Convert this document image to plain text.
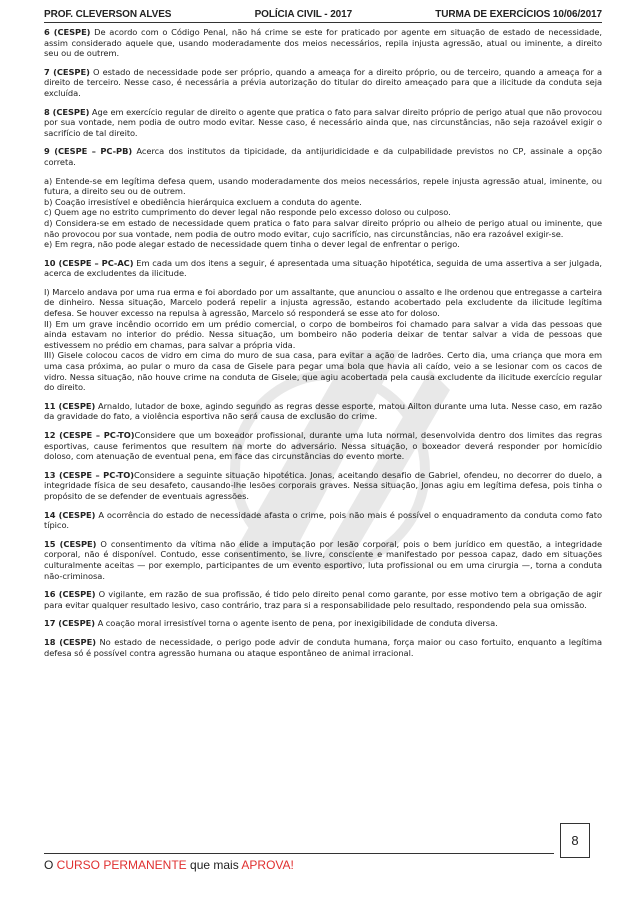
PROF. CLEVERSON ALVES	POLÍCIA CIVIL - 2017	TURMA DE EXERCÍCIOS 10/06/2017

6 (CESPE) De acordo com o Código Penal, não há crime se este for praticado por agente em situação de estado de necessidade, assim considerado aquele que, usando moderadamente dos meios necessários, repila injusta agressão, atual ou iminente, a direito seu ou de outrem.

7 (CESPE) O estado de necessidade pode ser próprio, quando a ameaça for a direito próprio, ou de terceiro, quando a ameaça for a direito de terceiro. Nesse caso, é necessária a prévia autorização do titular do direito ameaçado para que a ilicitude da conduta seja excluída.

8 (CESPE) Age em exercício regular de direito o agente que pratica o fato para salvar direito próprio de perigo atual que não provocou por sua vontade, nem podia de outro modo evitar. Nesse caso, é necessário ainda que, nas circunstâncias, não seja razoável exigir o sacrifício de tal direito.

9 (CESPE – PC-PB) Acerca dos institutos da tipicidade, da antijuridicidade e da culpabilidade previstos no CP, assinale a opção correta.

a) Entende-se em legítima defesa quem, usando moderadamente dos meios necessários, repele injusta agressão atual, iminente, ou futura, a direito seu ou de outrem.

b) Coação irresistível e obediência hierárquica excluem a conduta do agente.

c) Quem age no estrito cumprimento do dever legal não responde pelo excesso doloso ou culposo.

d) Considera-se em estado de necessidade quem pratica o fato para salvar direito próprio ou alheio de perigo atual ou iminente, que não provocou por sua vontade, nem podia de outro modo evitar, cujo sacrifício, nas circunstâncias, não era razoável exigir-se.

e) Em regra, não pode alegar estado de necessidade quem tinha o dever legal de enfrentar o perigo.

10 (CESPE – PC-AC) Em cada um dos itens a seguir, é apresentada uma situação hipotética, seguida de uma assertiva a ser julgada, acerca de excludentes da ilicitude.

I) Marcelo andava por uma rua erma e foi abordado por um assaltante, que anunciou o assalto e lhe ordenou que entregasse a carteira de dinheiro. Nessa situação, Marcelo poderá repelir a injusta agressão, estando acobertado pela excludente da ilicitude legítima defesa. Se houver excesso na repulsa à agressão, Marcelo só responderá se esse ato for doloso.

II) Em um grave incêndio ocorrido em um prédio comercial, o corpo de bombeiros foi chamado para salvar a vida das pessoas que ainda estavam no interior do prédio. Nessa situação, um bombeiro não poderia deixar de tentar salvar a vida de pessoas que estivessem no prédio em chamas, para salvar a própria vida.

III) Gisele colocou cacos de vidro em cima do muro de sua casa, para evitar a ação de ladrões. Certo dia, uma criança que mora em uma casa próxima, ao pular o muro da casa de Gisele para pegar uma bola que havia ali caído, veio a se lesionar com os cacos de vidro. Nessa situação, não houve crime na conduta de Gisele, que agiu acobertada pela causa excludente da ilicitude exercício regular do direito.

11 (CESPE) Arnaldo, lutador de boxe, agindo segundo as regras desse esporte, matou Ailton durante uma luta. Nesse caso, em razão da gravidade do fato, a violência esportiva não será causa de exclusão do crime.

12 (CESPE – PC-TO)Considere que um boxeador profissional, durante uma luta normal, desenvolvida dentro dos limites das regras esportivas, cause ferimentos que resultem na morte do adversário. Nessa situação, o boxeador deverá responder por homicídio doloso, com atenuação de eventual pena, em face das circunstâncias do evento morte.

13 (CESPE – PC-TO)Considere a seguinte situação hipotética. Jonas, aceitando desafio de Gabriel, ofendeu, no decorrer do duelo, a integridade física de seu desafeto, causando-lhe lesões corporais graves. Nessa situação, Jonas agiu em legítima defesa, pois tinha o propósito de se defender de eventuais agressões.

14 (CESPE) A ocorrência do estado de necessidade afasta o crime, pois não mais é possível o enquadramento da conduta como fato típico.

15 (CESPE) O consentimento da vítima não elide a imputação por lesão corporal, pois o bem jurídico em questão, a integridade corporal, não é disponível. Contudo, esse consentimento, se livre, consciente e manifestado por pessoa capaz, dado em situações culturalmente aceitas — por exemplo, participantes de um evento esportivo, luta profissional ou em uma cirurgia —, torna a conduta não-criminosa.

16 (CESPE) O vigilante, em razão de sua profissão, é tido pelo direito penal como garante, por esse motivo tem a obrigação de agir para evitar qualquer resultado lesivo, caso contrário, traz para si a responsabilidade pelo resultado, respondendo pela sua omissão.

17 (CESPE) A coação moral irresistível torna o agente isento de pena, por inexigibilidade de conduta diversa.

18 (CESPE) No estado de necessidade, o perigo pode advir de conduta humana, força maior ou caso fortuito, enquanto a legítima defesa só é possível contra agressão humana ou ataque espontâneo de animal irracional.

8
O CURSO PERMANENTE que mais APROVA!
